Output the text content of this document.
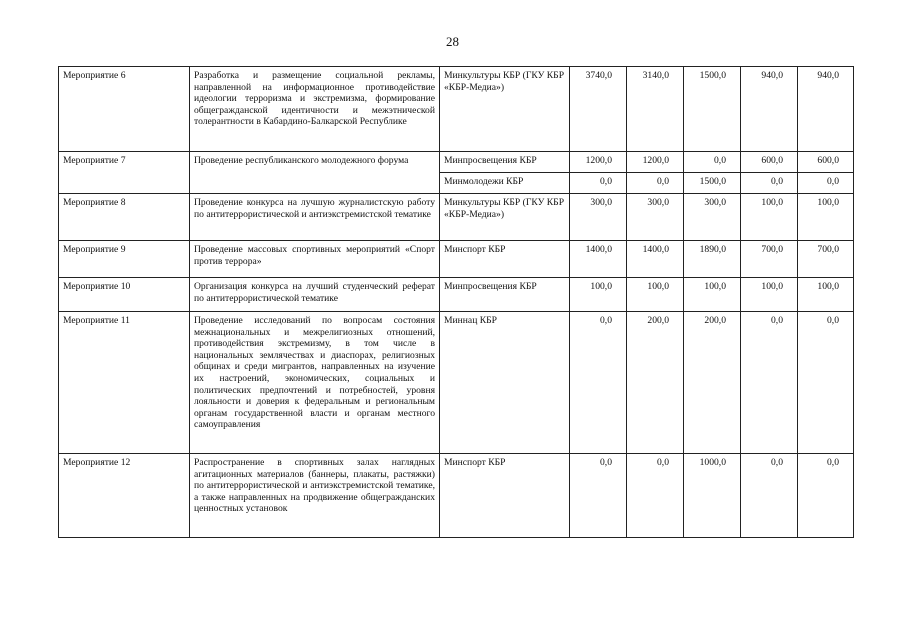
28
Мероприятие 6	Разработка и размещение социальной рекламы, направленной на информационное противодействие идеологии терроризма и экстремизма, формирование общегражданской идентичности и межэтнической толерантности в Кабардино-Балкарской Республике	Минкультуры КБР (ГКУ КБР «КБР-Медиа»)	3740,0	3140,0	1500,0	940,0	940,0
Мероприятие 7	Проведение республиканского молодежного форума	Минпросвещения КБР	1200,0	1200,0	0,0	600,0	600,0
		Минмолодежи КБР	0,0	0,0	1500,0	0,0	0,0
Мероприятие 8	Проведение конкурса на лучшую журналистскую работу по антитеррористической и антиэкстремистской тематике	Минкультуры КБР (ГКУ КБР «КБР-Медиа»)	300,0	300,0	300,0	100,0	100,0
Мероприятие 9	Проведение массовых спортивных мероприятий «Спорт против террора»	Минспорт КБР	1400,0	1400,0	1890,0	700,0	700,0
Мероприятие 10	Организация конкурса на лучший студенческий реферат по антитеррористической тематике	Минпросвещения КБР	100,0	100,0	100,0	100,0	100,0
Мероприятие 11	Проведение исследований по вопросам состояния межнациональных и межрелигиозных отношений, противодействия экстремизму, в том числе в национальных землячествах и диаспорах, религиозных общинах и среди мигрантов, направленных на изучение их настроений, экономических, социальных и политических предпочтений и потребностей, уровня лояльности и доверия к федеральным и региональным органам государственной власти и органам местного самоуправления	Миннац КБР	0,0	200,0	200,0	0,0	0,0
Мероприятие 12	Распространение в спортивных залах наглядных агитационных материалов (баннеры, плакаты, растяжки) по антитеррористической и антиэкстремистской тематике, а также направленных на продвижение общегражданских ценностных установок	Минспорт КБР	0,0	0,0	1000,0	0,0	0,0
